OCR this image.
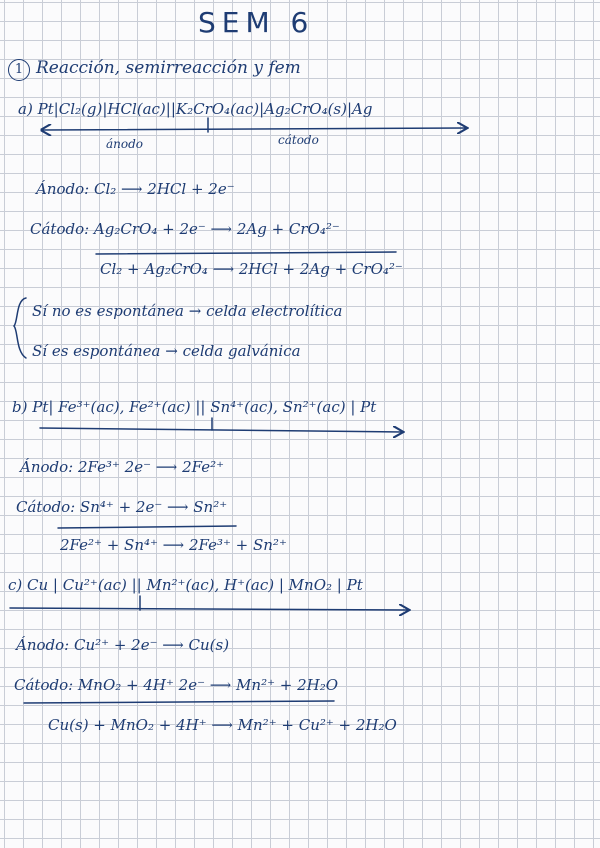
SEM 6
1 Reacción, semirreacción y fem
a) Pt|Cl₂(g)|HCl(ac)||K₂CrO₄(ac)|Ag₂CrO₄(s)|Ag
ánodo	cátodo
Ánodo: Cl₂ ⟶ 2HCl + 2e⁻
Cátodo: Ag₂CrO₄ + 2e⁻ ⟶ 2Ag + CrO₄²⁻
Cl₂ + Ag₂CrO₄ ⟶ 2HCl + 2Ag + CrO₄²⁻
Sí no es espontánea → celda electrolítica
Sí es espontánea → celda galvánica
b) Pt| Fe³⁺(ac), Fe²⁺(ac) || Sn⁴⁺(ac), Sn²⁺(ac) | Pt
Ánodo: 2Fe³⁺ 2e⁻ ⟶ 2Fe²⁺
Cátodo: Sn⁴⁺ + 2e⁻ ⟶ Sn²⁺
2Fe²⁺ + Sn⁴⁺ ⟶ 2Fe³⁺ + Sn²⁺
c) Cu | Cu²⁺(ac) || Mn²⁺(ac), H⁺(ac) | MnO₂ | Pt
Ánodo: Cu²⁺ + 2e⁻ ⟶ Cu(s)
Cátodo: MnO₂ + 4H⁺ 2e⁻ ⟶ Mn²⁺ + 2H₂O
Cu(s) + MnO₂ + 4H⁺ ⟶ Mn²⁺ + Cu²⁺ + 2H₂O
